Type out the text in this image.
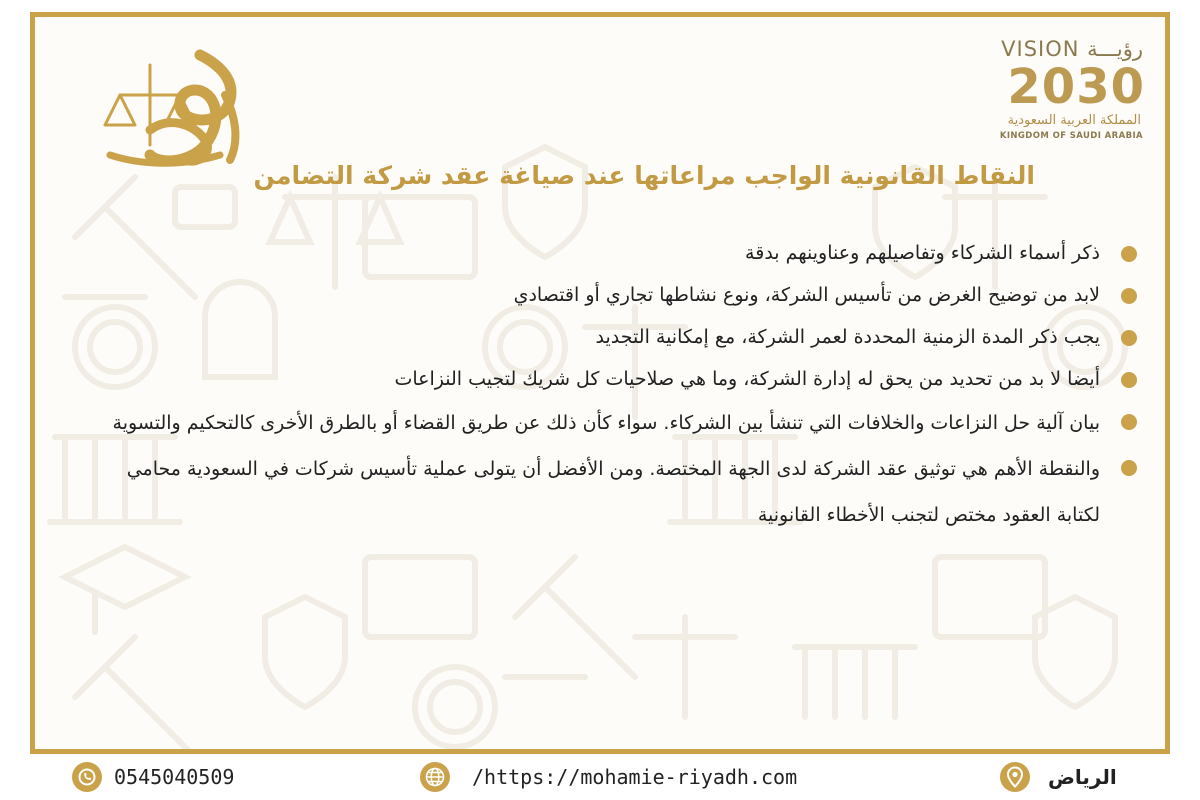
VISION رؤيـــة
2030
المملكة العربية السعودية
KINGDOM OF SAUDI ARABIA
النقاط القانونية الواجب مراعاتها عند صياغة عقد شركة التضامن
ذكر أسماء الشركاء وتفاصيلهم وعناوينهم بدقة
لابد من توضيح الغرض من تأسيس الشركة، ونوع نشاطها تجاري أو اقتصادي
يجب ذكر المدة الزمنية المحددة لعمر الشركة، مع إمكانية التجديد
أيضا لا بد من تحديد من يحق له إدارة الشركة، وما هي صلاحيات كل شريك لتجيب النزاعات
بيان آلية حل النزاعات والخلافات التي تنشأ بين الشركاء. سواء كأن ذلك عن طريق القضاء أو بالطرق الأخرى كالتحكيم والتسوية
والنقطة الأهم هي توثيق عقد الشركة لدى الجهة المختصة. ومن الأفضل أن يتولى عملية تأسيس شركات في السعودية محامي لكتابة العقود مختص لتجنب الأخطاء القانونية
0545040509	/https://mohamie-riyadh.com	الرياض
